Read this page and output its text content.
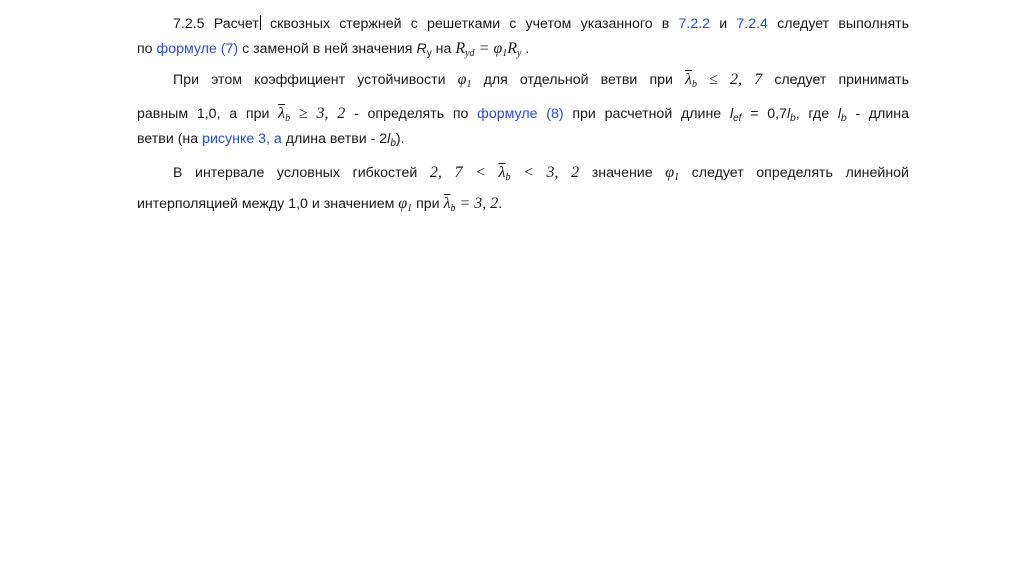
7.2.5 Расчет сквозных стержней с решетками с учетом указанного в 7.2.2 и 7.2.4 следует выполнять
по формуле (7) с заменой в ней значения $R_y$ на $R_{yd} = \varphi_1R_y$ .
При этом коэффициент устойчивости $\varphi_1$ для отдельной ветви при $\overline{\lambda}_b \le 2$, 7 следует принимать
равным 1,0, а при $\overline{\lambda}_b \ge 3$, 2 - определять по формуле (8) при расчетной длине $l_{ef} = 0,7l_b$, где $l_b$ - длина
ветви (на рисунке 3, а длина ветви - $2l_b$).
В интервале условных гибкостей 2, $7 < \overline{\lambda}_b < 3$, 2 значение $\varphi_1$ следует определять линейной
интерполяцией между 1,0 и значением $\varphi_1$ при $\overline{\lambda}_b = 3$, 2.
